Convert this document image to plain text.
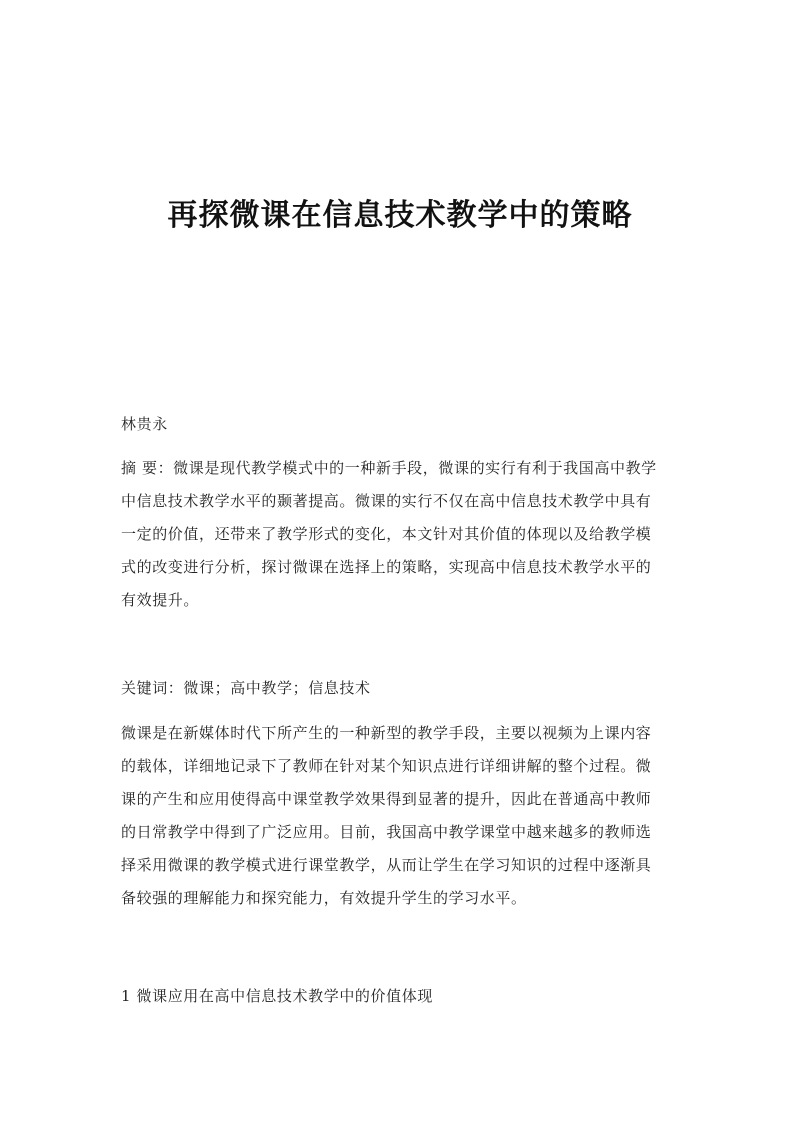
再探微课在信息技术教学中的策略
林贵永
摘 要：微课是现代教学模式中的一种新手段，微课的实行有利于我国高中教学
中信息技术教学水平的颞著提高。微课的实行不仅在高中信息技术教学中具有
一定的价值，还带来了教学形式的变化，本文针对其价值的体现以及给教学模
式的改变进行分析，探讨微课在选择上的策略，实现高中信息技术教学水平的
有效提升。
关键词：微课；高中教学；信息技术
微课是在新媒体时代下所产生的一种新型的教学手段，主要以视频为上课内容
的载体，详细地记录下了教师在针对某个知识点进行详细讲解的整个过程。微
课的产生和应用使得高中课堂教学效果得到显著的提升，因此在普通高中教师
的日常教学中得到了广泛应用。目前，我国高中教学课堂中越来越多的教师选
择采用微课的教学模式进行课堂教学，从而让学生在学习知识的过程中逐渐具
备较强的理解能力和探究能力，有效提升学生的学习水平。
1 微课应用在高中信息技术教学中的价值体现
